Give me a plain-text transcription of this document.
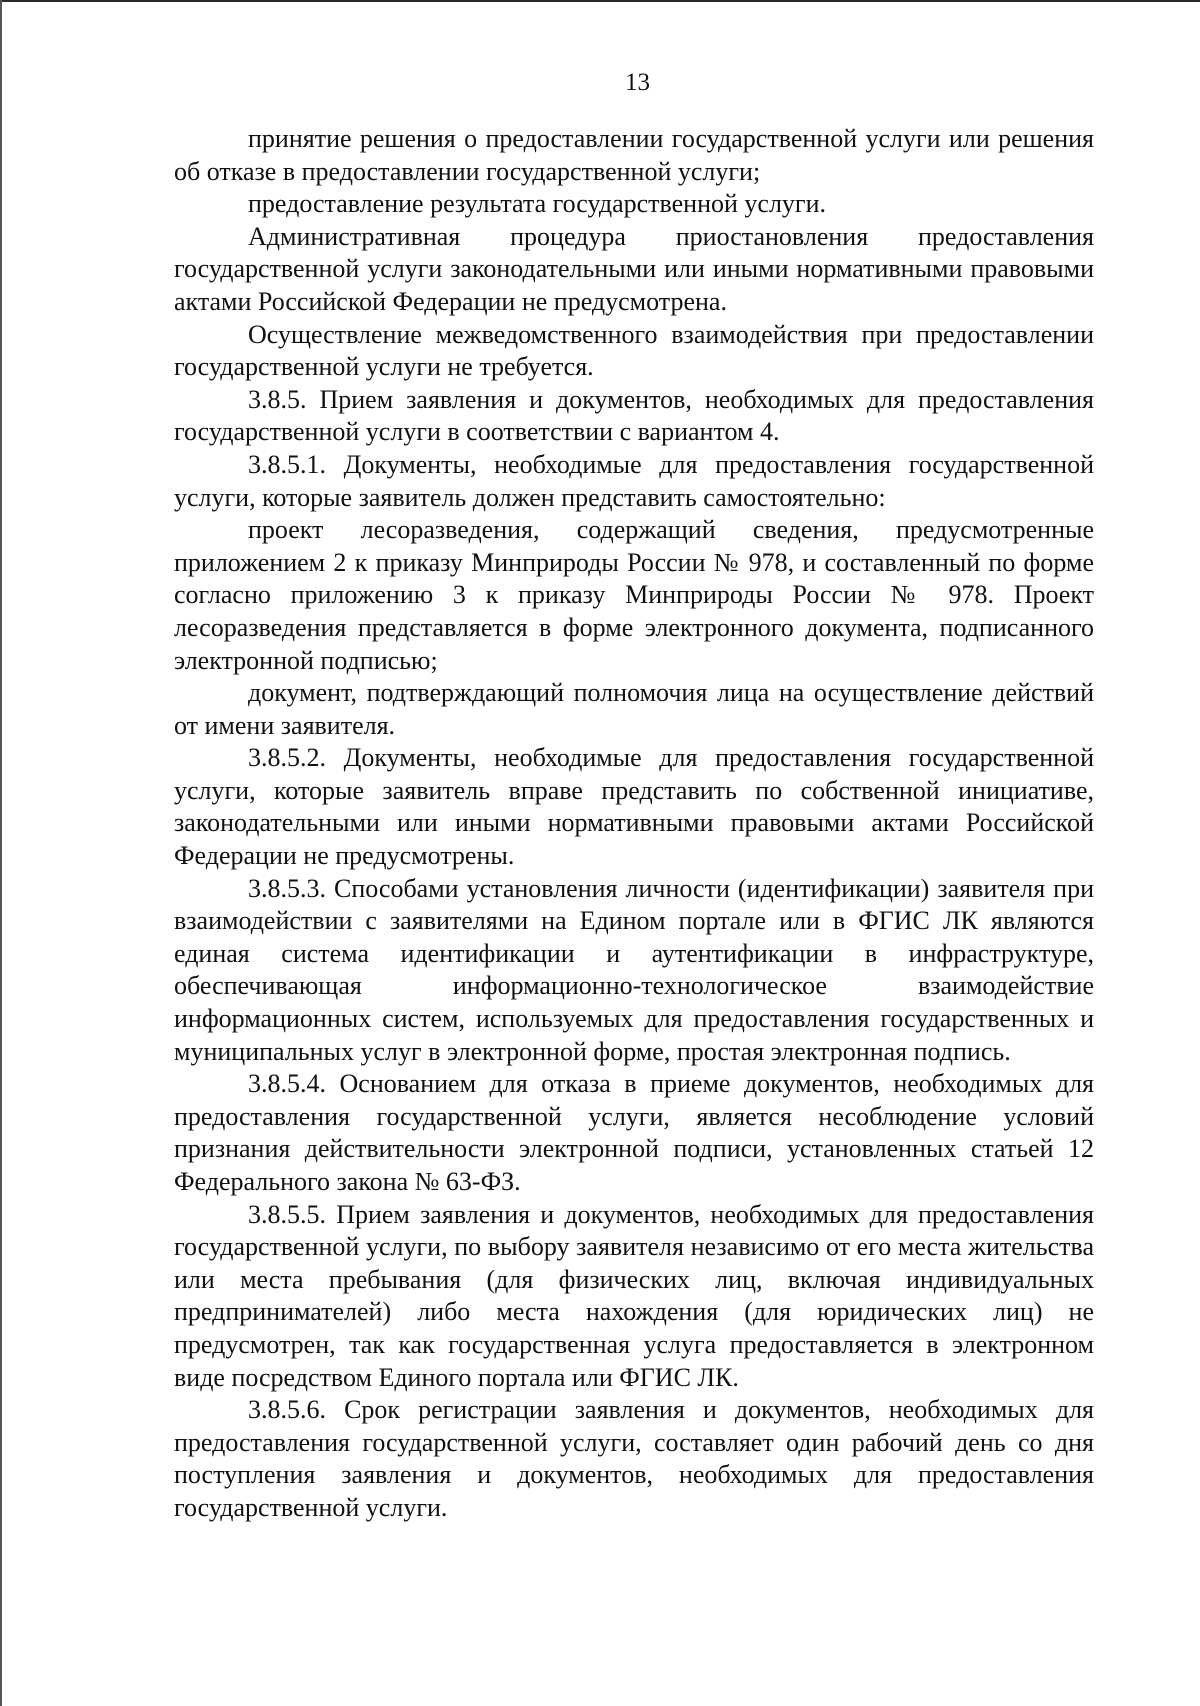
13

принятие решения о предоставлении государственной услуги или решения об отказе в предоставлении государственной услуги;

предоставление результата государственной услуги.

Административная процедура приостановления предоставления государственной услуги законодательными или иными нормативными правовыми актами Российской Федерации не предусмотрена.

Осуществление межведомственного взаимодействия при предоставлении государственной услуги не требуется.

3.8.5. Прием заявления и документов, необходимых для предоставления государственной услуги в соответствии с вариантом 4.

3.8.5.1. Документы, необходимые для предоставления государственной услуги, которые заявитель должен представить самостоятельно:

проект лесоразведения, содержащий сведения, предусмотренные приложением 2 к приказу Минприроды России № 978, и составленный по форме согласно приложению 3 к приказу Минприроды России № 978. Проект лесоразведения представляется в форме электронного документа, подписанного электронной подписью;

документ, подтверждающий полномочия лица на осуществление действий от имени заявителя.

3.8.5.2. Документы, необходимые для предоставления государственной услуги, которые заявитель вправе представить по собственной инициативе, законодательными или иными нормативными правовыми актами Российской Федерации не предусмотрены.

3.8.5.3. Способами установления личности (идентификации) заявителя при взаимодействии с заявителями на Едином портале или в ФГИС ЛК являются единая система идентификации и аутентификации в инфраструктуре, обеспечивающая информационно-технологическое взаимодействие информационных систем, используемых для предоставления государственных и муниципальных услуг в электронной форме, простая электронная подпись.

3.8.5.4. Основанием для отказа в приеме документов, необходимых для предоставления государственной услуги, является несоблюдение условий признания действительности электронной подписи, установленных статьей 12 Федерального закона № 63-ФЗ.

3.8.5.5. Прием заявления и документов, необходимых для предоставления государственной услуги, по выбору заявителя независимо от его места жительства или места пребывания (для физических лиц, включая индивидуальных предпринимателей) либо места нахождения (для юридических лиц) не предусмотрен, так как государственная услуга предоставляется в электронном виде посредством Единого портала или ФГИС ЛК.

3.8.5.6. Срок регистрации заявления и документов, необходимых для предоставления государственной услуги, составляет один рабочий день со дня поступления заявления и документов, необходимых для предоставления государственной услуги.
